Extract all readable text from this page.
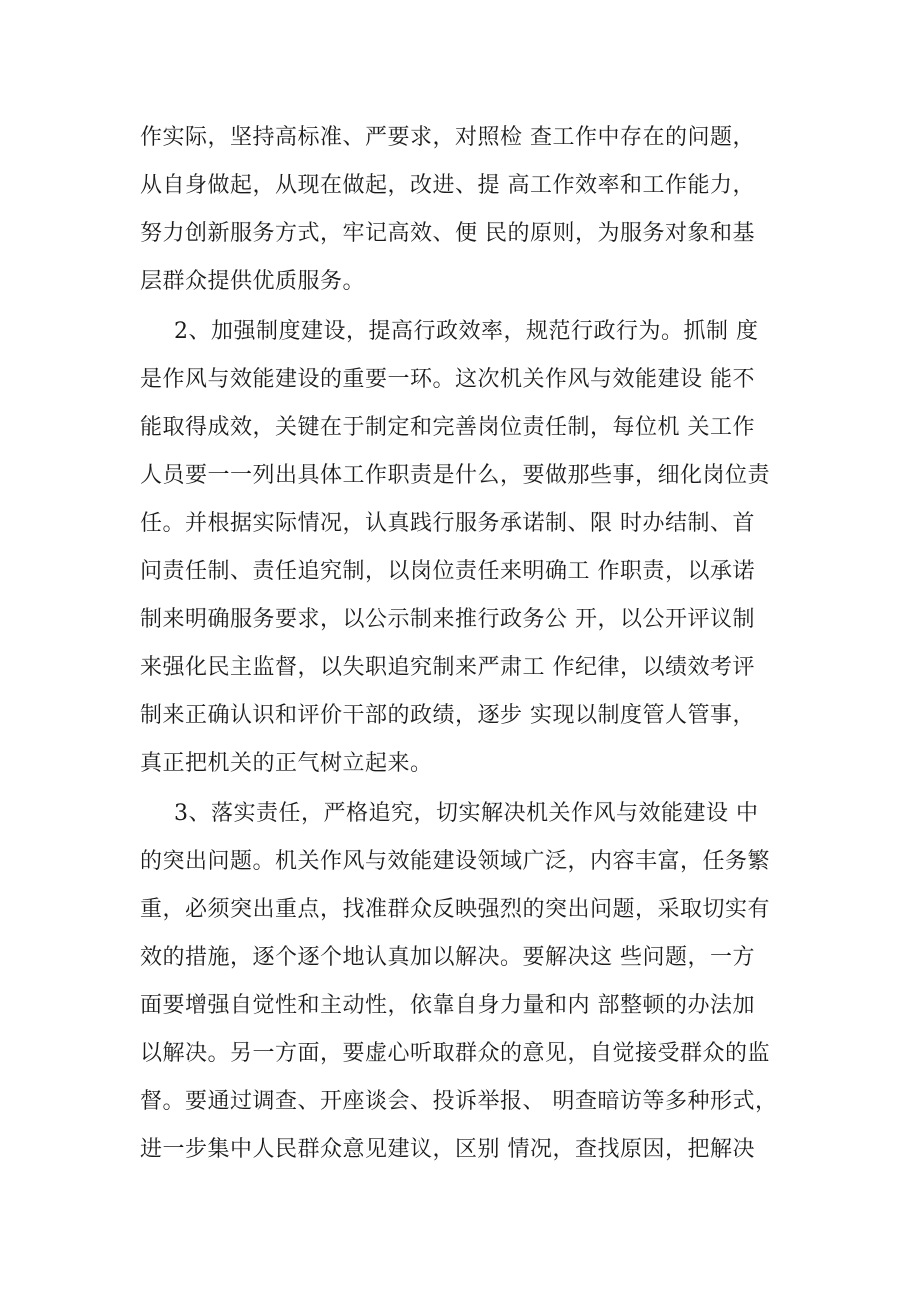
作实际，坚持高标准、严要求，对照检 查工作中存在的问题，
从自身做起，从现在做起，改进、提 高工作效率和工作能力，
努力创新服务方式，牢记高效、便 民的原则，为服务对象和基
层群众提供优质服务。
2、加强制度建设，提高行政效率，规范行政行为。抓制 度
是作风与效能建设的重要一环。这次机关作风与效能建设 能不
能取得成效，关键在于制定和完善岗位责任制，每位机 关工作
人员要一一列出具体工作职责是什么，要做那些事，细化岗位责
任。并根据实际情况，认真践行服务承诺制、限 时办结制、首
问责任制、责任追究制，以岗位责任来明确工 作职责，以承诺
制来明确服务要求，以公示制来推行政务公 开，以公开评议制
来强化民主监督，以失职追究制来严肃工 作纪律，以绩效考评
制来正确认识和评价干部的政绩，逐步 实现以制度管人管事，
真正把机关的正气树立起来。
3、落实责任，严格追究，切实解决机关作风与效能建设 中
的突出问题。机关作风与效能建设领域广泛，内容丰富，任务繁
重，必须突出重点，找准群众反映强烈的突出问题，采取切实有
效的措施，逐个逐个地认真加以解决。要解决这 些问题，一方
面要增强自觉性和主动性，依靠自身力量和内 部整顿的办法加
以解决。另一方面，要虚心听取群众的意见，自觉接受群众的监
督。要通过调查、开座谈会、投诉举报、 明查暗访等多种形式，
进一步集中人民群众意见建议，区别 情况，查找原因，把解决
